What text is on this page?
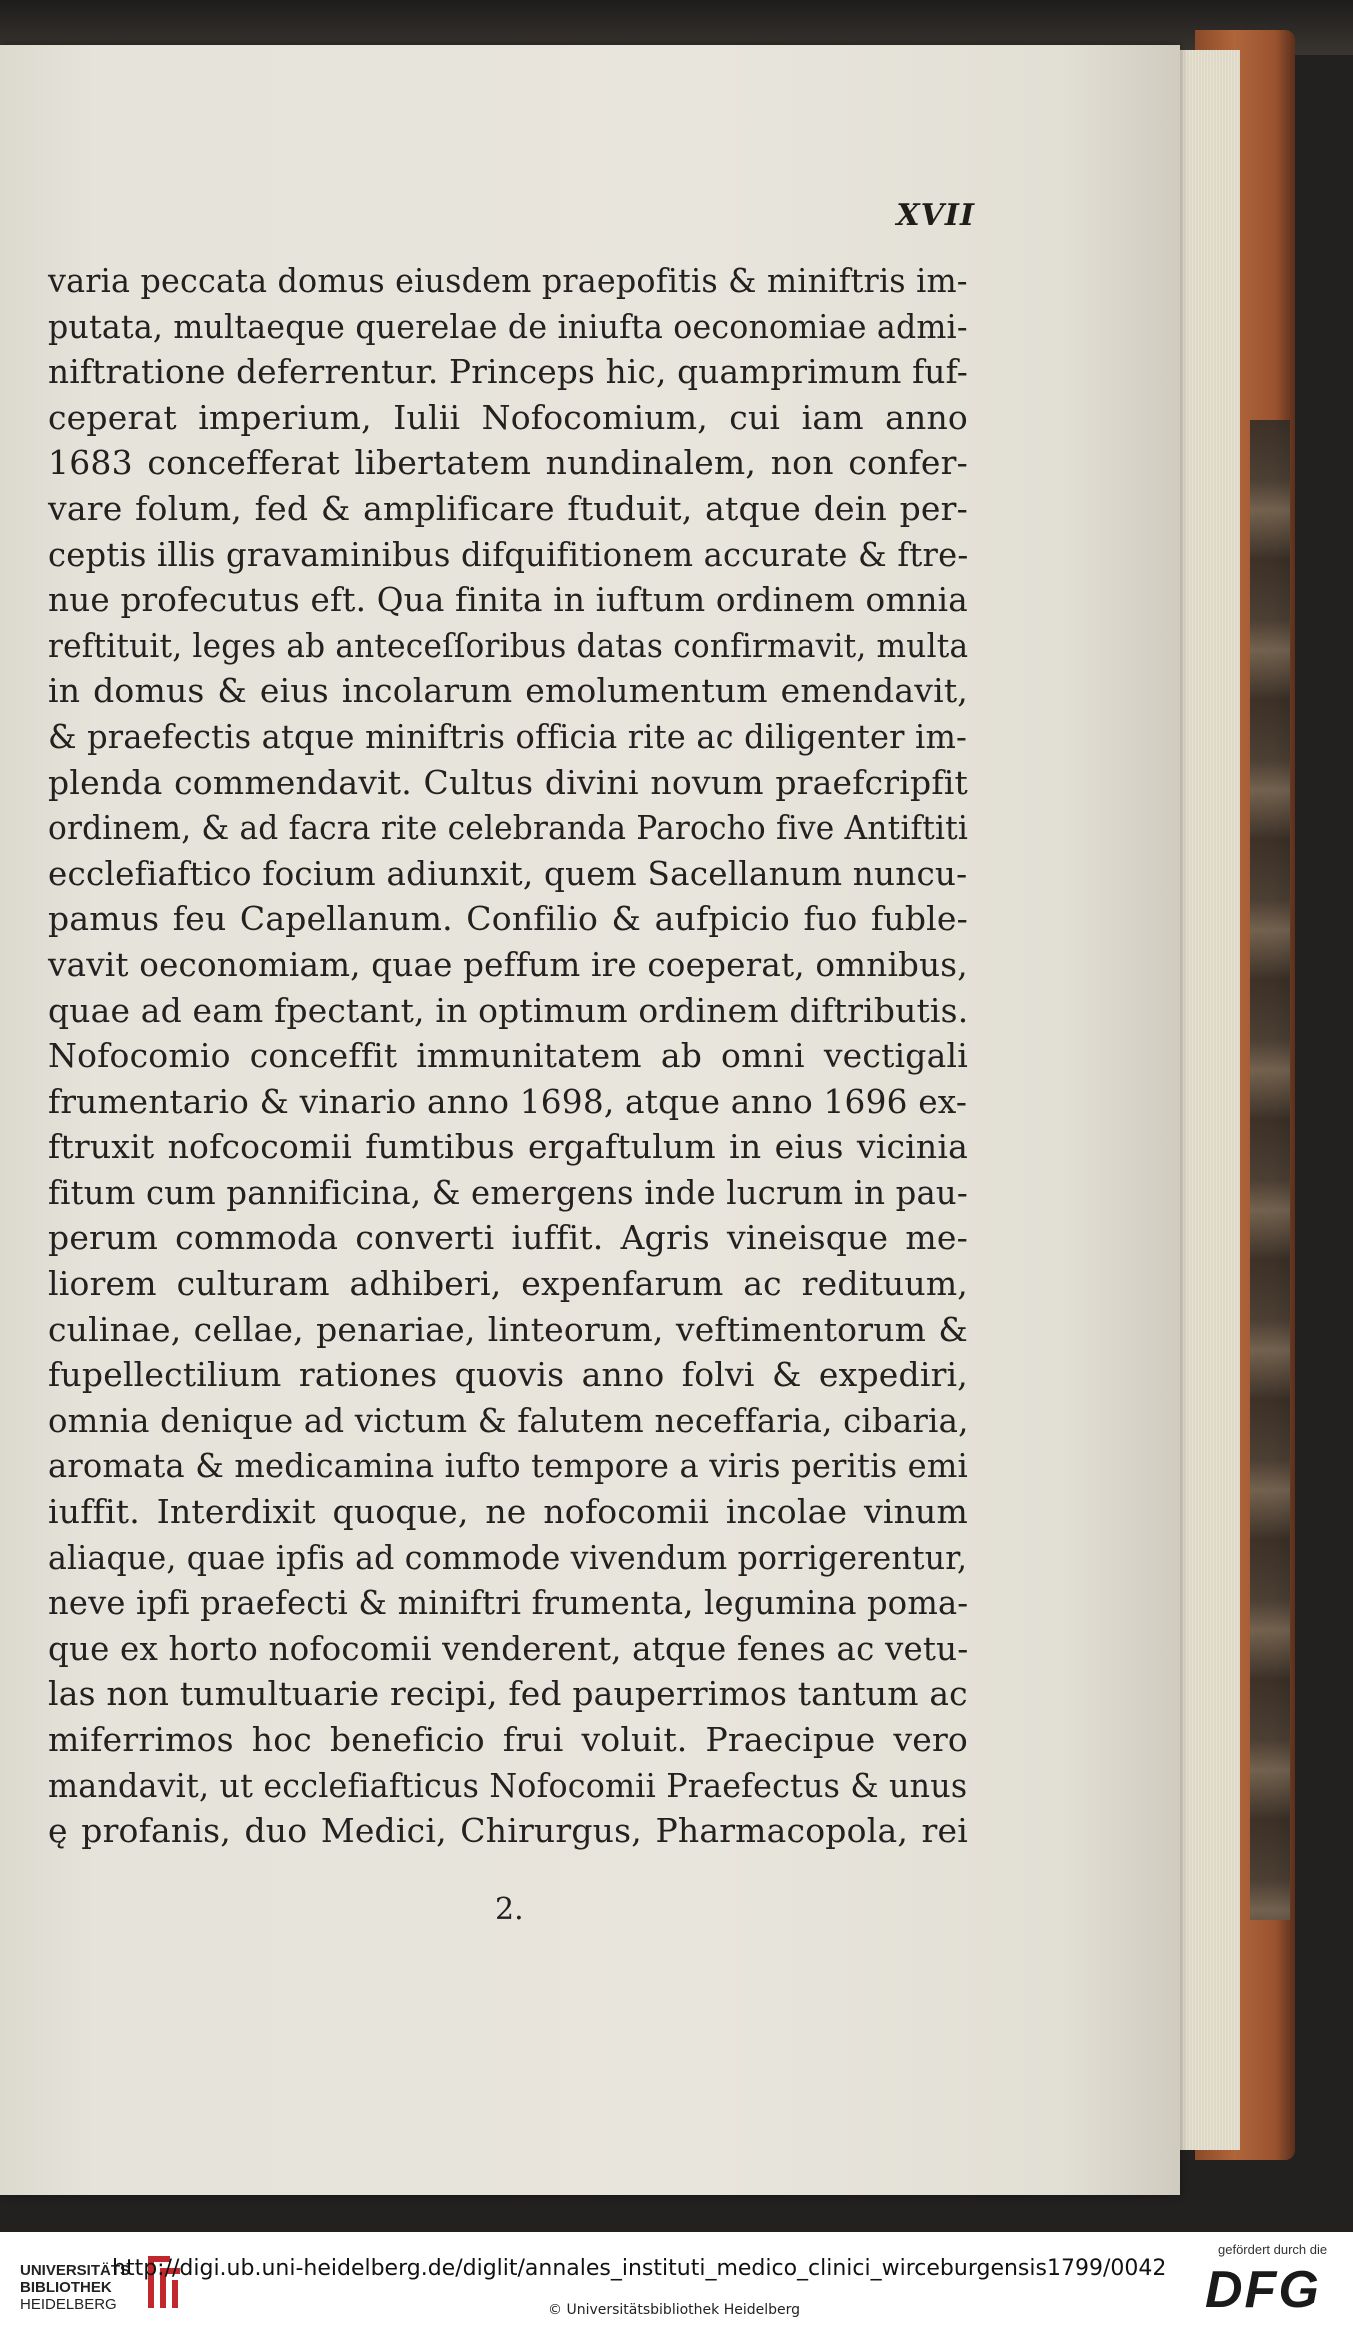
XVII
varia peccata domus eiusdem praepofitis & miniftris im-
putata, multaeque querelae de iniufta oeconomiae admi-
niftratione deferrentur. Princeps hic, quamprimum fuf-
ceperat imperium, Iulii Nofocomium, cui iam anno
1683 concefferat libertatem nundinalem, non confer-
vare folum, fed & amplificare ftuduit, atque dein per-
ceptis illis gravaminibus difquifitionem accurate & ftre-
nue profecutus eft. Qua finita in iuftum ordinem omnia
reftituit, leges ab anteceſſoribus datas confirmavit, multa
in domus & eius incolarum emolumentum emendavit,
& praefectis atque miniftris officia rite ac diligenter im-
plenda commendavit. Cultus divini novum praefcripfit
ordinem, & ad facra rite celebranda Parocho five Antiftiti
ecclefiaftico focium adiunxit, quem Sacellanum nuncu-
pamus feu Capellanum. Confilio & aufpicio fuo fuble-
vavit oeconomiam, quae peffum ire coeperat, omnibus,
quae ad eam fpectant, in optimum ordinem diftributis.
Nofocomio conceffit immunitatem ab omni vectigali
frumentario & vinario anno 1698, atque anno 1696 ex-
ftruxit nofcocomii fumtibus ergaftulum in eius vicinia
fitum cum pannificina, & emergens inde lucrum in pau-
perum commoda converti iuffit. Agris vineisque me-
liorem culturam adhiberi, expenfarum ac redituum,
culinae, cellae, penariae, linteorum, veftimentorum &
fupellectilium rationes quovis anno folvi & expediri,
omnia denique ad victum & falutem neceffaria, cibaria,
aromata & medicamina iufto tempore a viris peritis emi
iuffit. Interdixit quoque, ne nofocomii incolae vinum
aliaque, quae ipfis ad commode vivendum porrigerentur,
neve ipfi praefecti & miniftri frumenta, legumina poma-
que ex horto nofocomii venderent, atque fenes ac vetu-
las non tumultuarie recipi, fed pauperrimos tantum ac
miferrimos hoc beneficio frui voluit. Praecipue vero
mandavit, ut ecclefiafticus Nofocomii Praefectus & unus
ę profanis, duo Medici, Chirurgus, Pharmacopola, rei
2.
UNIVERSITÄTS
BIBLIOTHEK
HEIDELBERG
http://digi.ub.uni-heidelberg.de/diglit/annales_instituti_medico_clinici_wirceburgensis1799/0042
© Universitätsbibliothek Heidelberg
gefördert durch die
DFG
